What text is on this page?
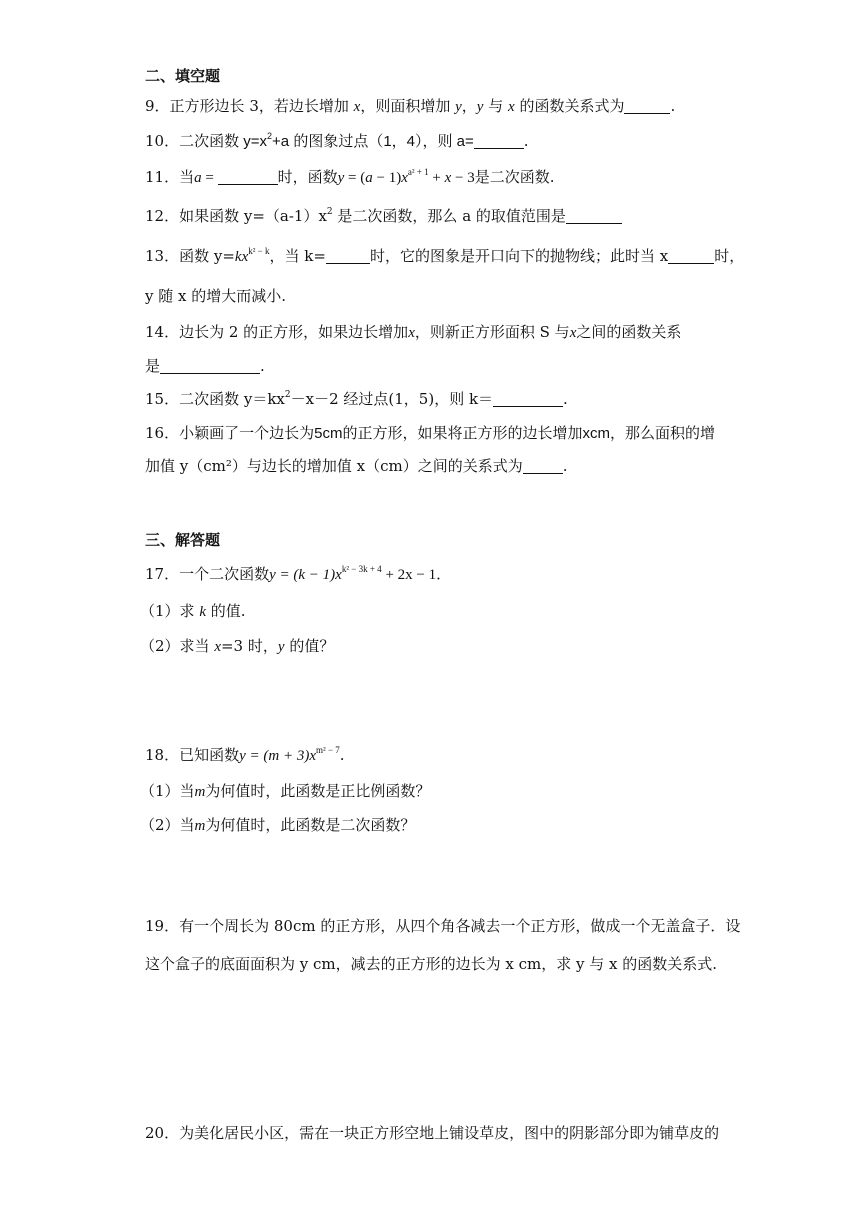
二、填空题
9．正方形边长 3，若边长增加 x，则面积增加 y，y 与 x 的函数关系式为	.
10．二次函数 $y=x^2+a$ 的图象过点（1，4），则 a=	.
11．当a =	时，函数$y = (a - 1)x^{a^2 + 1} + x - 3$是二次函数.
12．如果函数 $y=(a-1)x^2$ 是二次函数，那么 a 的取值范围是
13．函数 $y=kx^{k^2 - k}$，当 k=	时，它的图象是开口向下的抛物线；此时当 x	时，
y 随 x 的增大而减小.
14．边长为 2 的正方形，如果边长增加x，则新正方形面积 S 与x之间的函数关系
是	.
15．二次函数 $y=kx^2-x-2$ 经过点(1，5)，则 k＝	.
16．小颖画了一个边长为5cm的正方形，如果将正方形的边长增加xcm，那么面积的增
加值 y（cm²）与边长的增加值 x（cm）之间的关系式为	.
三、解答题
17．一个二次函数$y = (k - 1)x^{k^2 - 3k + 4} + 2x - 1$．
（1）求 k 的值.
（2）求当 x=3 时，y 的值？
18．已知函数$y = (m + 3)x^{m^2 - 7}$.
（1）当m为何值时，此函数是正比例函数？
（2）当m为何值时，此函数是二次函数？
19．有一个周长为 80cm 的正方形，从四个角各减去一个正方形，做成一个无盖盒子．设
这个盒子的底面面积为 y cm，减去的正方形的边长为 x cm，求 y 与 x 的函数关系式.
20．为美化居民小区，需在一块正方形空地上铺设草皮，图中的阴影部分即为铺草皮的
